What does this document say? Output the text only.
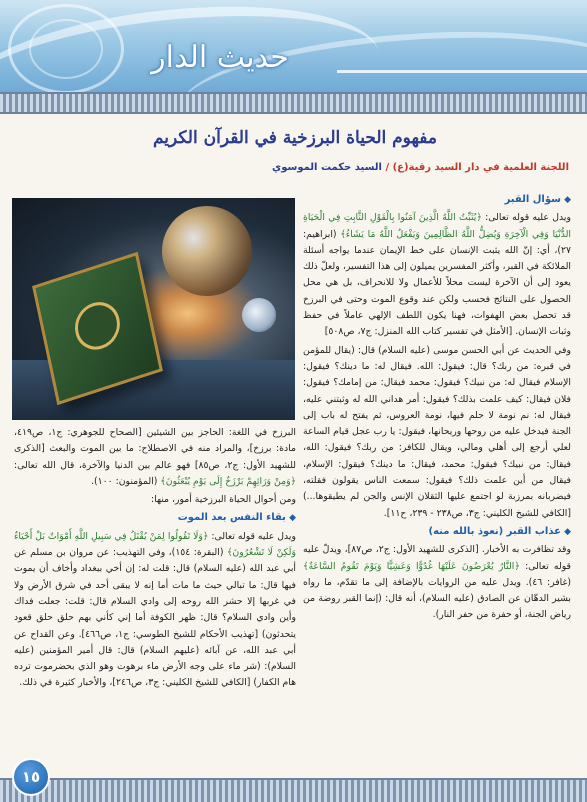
حديث الدار
مفهوم الحياة البرزخية في القرآن الكريم
اللجنة العلمية في دار السيد رقية(ع) / السيد حكمت الموسوي
◆ سؤال القبر

ويدل عليه قوله تعالى: ﴿يُثَبِّتُ اللَّهُ الَّذِينَ آمَنُوا بِالْقَوْلِ الثَّابِتِ فِي الْحَيَاةِ الدُّنْيَا وَفِي الْآخِرَةِ وَيُضِلُّ اللَّهُ الظَّالِمِينَ وَيَفْعَلُ اللَّهُ مَا يَشَاءُ﴾ (ابراهيم: ٢٧)، أي: إنّ الله يثبت الإنسان على خط الإيمان عندما يواجه أسئلة الملائكة في القبر، وأكثر المفسرين يميلون إلى هذا التفسير، ولعلّ ذلك يعود إلى أن الآخرة ليست محلاً للأعمال ولا للانحراف، بل هي محل الحصول على النتائج فحسب ولكن عند وقوع الموت وحتى في البرزخ قد تحصل بعض الهفوات، فهنا يكون اللطف الإلهي عاملاً في حفظ وثبات الإنسان. [الأمثل في تفسير كتاب الله المنزل: ج٧، ص٥٠٨]

وفي الحديث عن أبي الحسن موسى (عليه السلام) قال: (يقال للمؤمن في قبره: من ربك؟ قال: فيقول: الله. فيقال له: ما دينك؟ فيقول: الإسلام فيقال له: من نبيك؟ فيقول: محمد فيقال: من إمامك؟ فيقول: فلان فيقال: كيف علمت بذلك؟ فيقول: أمر هداني الله له وثبتني عليه، فيقال له: نم نومة لا حلم فيها، نومة العروس، ثم يفتح له باب إلى الجنة فيدخل عليه من روحها وريحانها، فيقول: يا رب عجل قيام الساعة لعلي أرجع إلى أهلي ومالي، ويقال للكافر: من ربك؟ فيقول: الله، فيقال: من نبيك؟ فيقول: محمد، فيقال: ما دينك؟ فيقول: الإسلام، فيقال من أين علمت ذلك؟ فيقول: سمعت الناس يقولون فقلته، فيضربانه بمرزبة لو اجتمع عليها الثقلان الإنس والجن لم يطيقوها...) [الكافي للشيخ الكليني: ج٣، ص٢٣٨ - ٢٣٩، ح١١].

◆ عذاب القبر (نعوذ بالله منه)

وقد تظافرت به الأخبار. [الذكرى للشهيد الأول: ج٢، ص٨٧]، ويدلّ عليه قوله تعالى: ﴿النَّارُ يُعْرَضُونَ عَلَيْهَا غُدُوًّا وَعَشِيًّا وَيَوْمَ تَقُومُ السَّاعَةُ﴾ (غافر: ٤٦). ويدل عليه من الروايات بالإضافة إلى ما تقدّم، ما رواه بشير الدهّان عن الصادق (عليه السلام)، أنه قال: (إنما القبر روضة من رياض الجنة، أو حفرة من حفر النار).

البرزخ في اللغة: الحاجز بين الشيئين [الصحاح للجوهري: ج١، ص٤١٩، مادة: برزخ]، والمراد منه في الاصطلاح: ما بين الموت والبعث [الذكرى للشهيد الأول: ج٢، ص٨٥] فهو عالم بين الدنيا والآخرة، قال الله تعالى: ﴿وَمِنْ وَرَائِهِمْ بَرْزَخٌ إِلَى يَوْمِ يُبْعَثُونَ﴾ (المؤمنون: ١٠٠).

ومن أحوال الحياة البرزخية أمور، منها:

◆ بقاء النفس بعد الموت

ويدل عليه قوله تعالى: ﴿وَلَا تَقُولُوا لِمَنْ يُقْتَلُ فِي سَبِيلِ اللَّهِ أَمْوَاتٌ بَلْ أَحْيَاءٌ وَلَكِنْ لَا تَشْعُرُونَ﴾ (البقرة: ١٥٤)، وفي التهذيب: عن مروان بن مسلم عن أبي عبد الله (عليه السلام) قال: قلت له: إن أخي ببغداد وأخاف أن يموت فيها قال: ما تبالي حيث ما مات أما إنه لا يبقى أحد في شرق الأرض ولا في غربها إلا حشر الله روحه إلى وادي السلام قال: قلت: جعلت فداك وأين وادي السلام؟ قال: ظهر الكوفة أما إني كأني بهم حلق حلق قعود يتحدثون) [تهذيب الأحكام للشيخ الطوسي: ج١، ص٤٦٦]. وعن القداح عن أبي عبد الله، عن آبائه (عليهم السلام) قال: قال أمير المؤمنين (عليه السلام): (شر ماء على وجه الأرض ماء برهوت وهو الذي بحضرموت ترده هام الكفار) [الكافي للشيخ الكليني: ج٣، ص٢٤٦]، والأخبار كثيرة في ذلك.

١٥
